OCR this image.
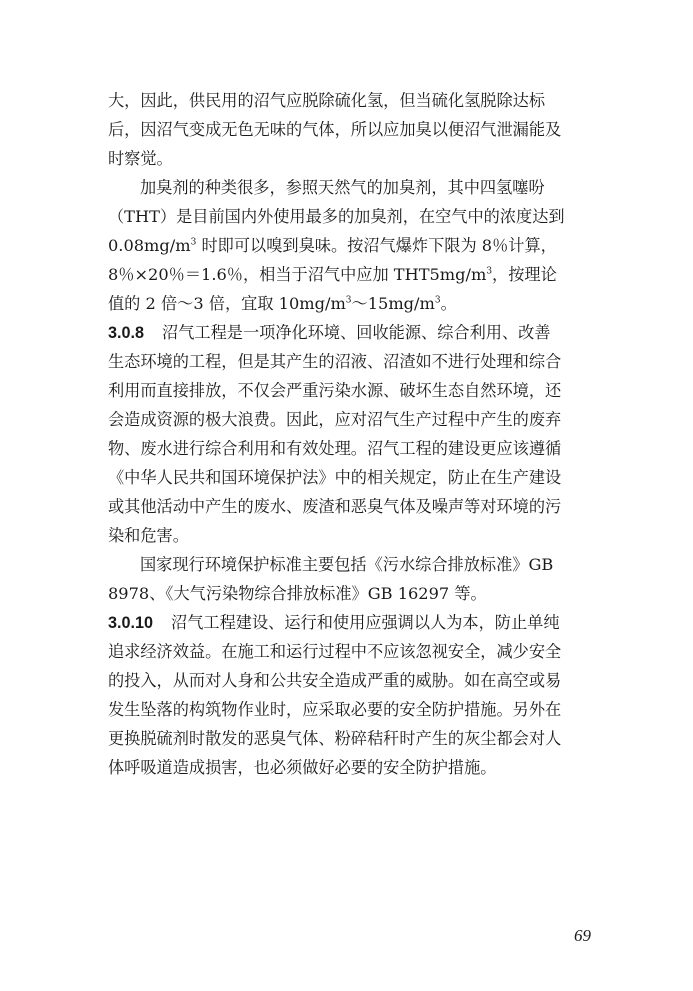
大，因此，供民用的沼气应脱除硫化氢，但当硫化氢脱除达标
后，因沼气变成无色无味的气体，所以应加臭以便沼气泄漏能及
时察觉。
加臭剂的种类很多，参照天然气的加臭剂，其中四氢噻吩
（THT）是目前国内外使用最多的加臭剂，在空气中的浓度达到
$0.08mg/m^3$ 时即可以嗅到臭味。按沼气爆炸下限为 8％计算，
8％×20％＝1.6％，相当于沼气中应加 $THT5mg/m^3$，按理论
值的 2 倍～3 倍，宜取 $10mg/m^3\sim 15mg/m^3$。
3.0.8 沼气工程是一项净化环境、回收能源、综合利用、改善
生态环境的工程，但是其产生的沼液、沼渣如不进行处理和综合
利用而直接排放，不仅会严重污染水源、破坏生态自然环境，还
会造成资源的极大浪费。因此，应对沼气生产过程中产生的废弃
物、废水进行综合利用和有效处理。沼气工程的建设更应该遵循
《中华人民共和国环境保护法》中的相关规定，防止在生产建设
或其他活动中产生的废水、废渣和恶臭气体及噪声等对环境的污
染和危害。
国家现行环境保护标准主要包括《污水综合排放标准》GB
8978、《大气污染物综合排放标准》GB 16297 等。
3.0.10 沼气工程建设、运行和使用应强调以人为本，防止单纯
追求经济效益。在施工和运行过程中不应该忽视安全，减少安全
的投入，从而对人身和公共安全造成严重的威胁。如在高空或易
发生坠落的构筑物作业时，应采取必要的安全防护措施。另外在
更换脱硫剂时散发的恶臭气体、粉碎秸秆时产生的灰尘都会对人
体呼吸道造成损害，也必须做好必要的安全防护措施。
69
